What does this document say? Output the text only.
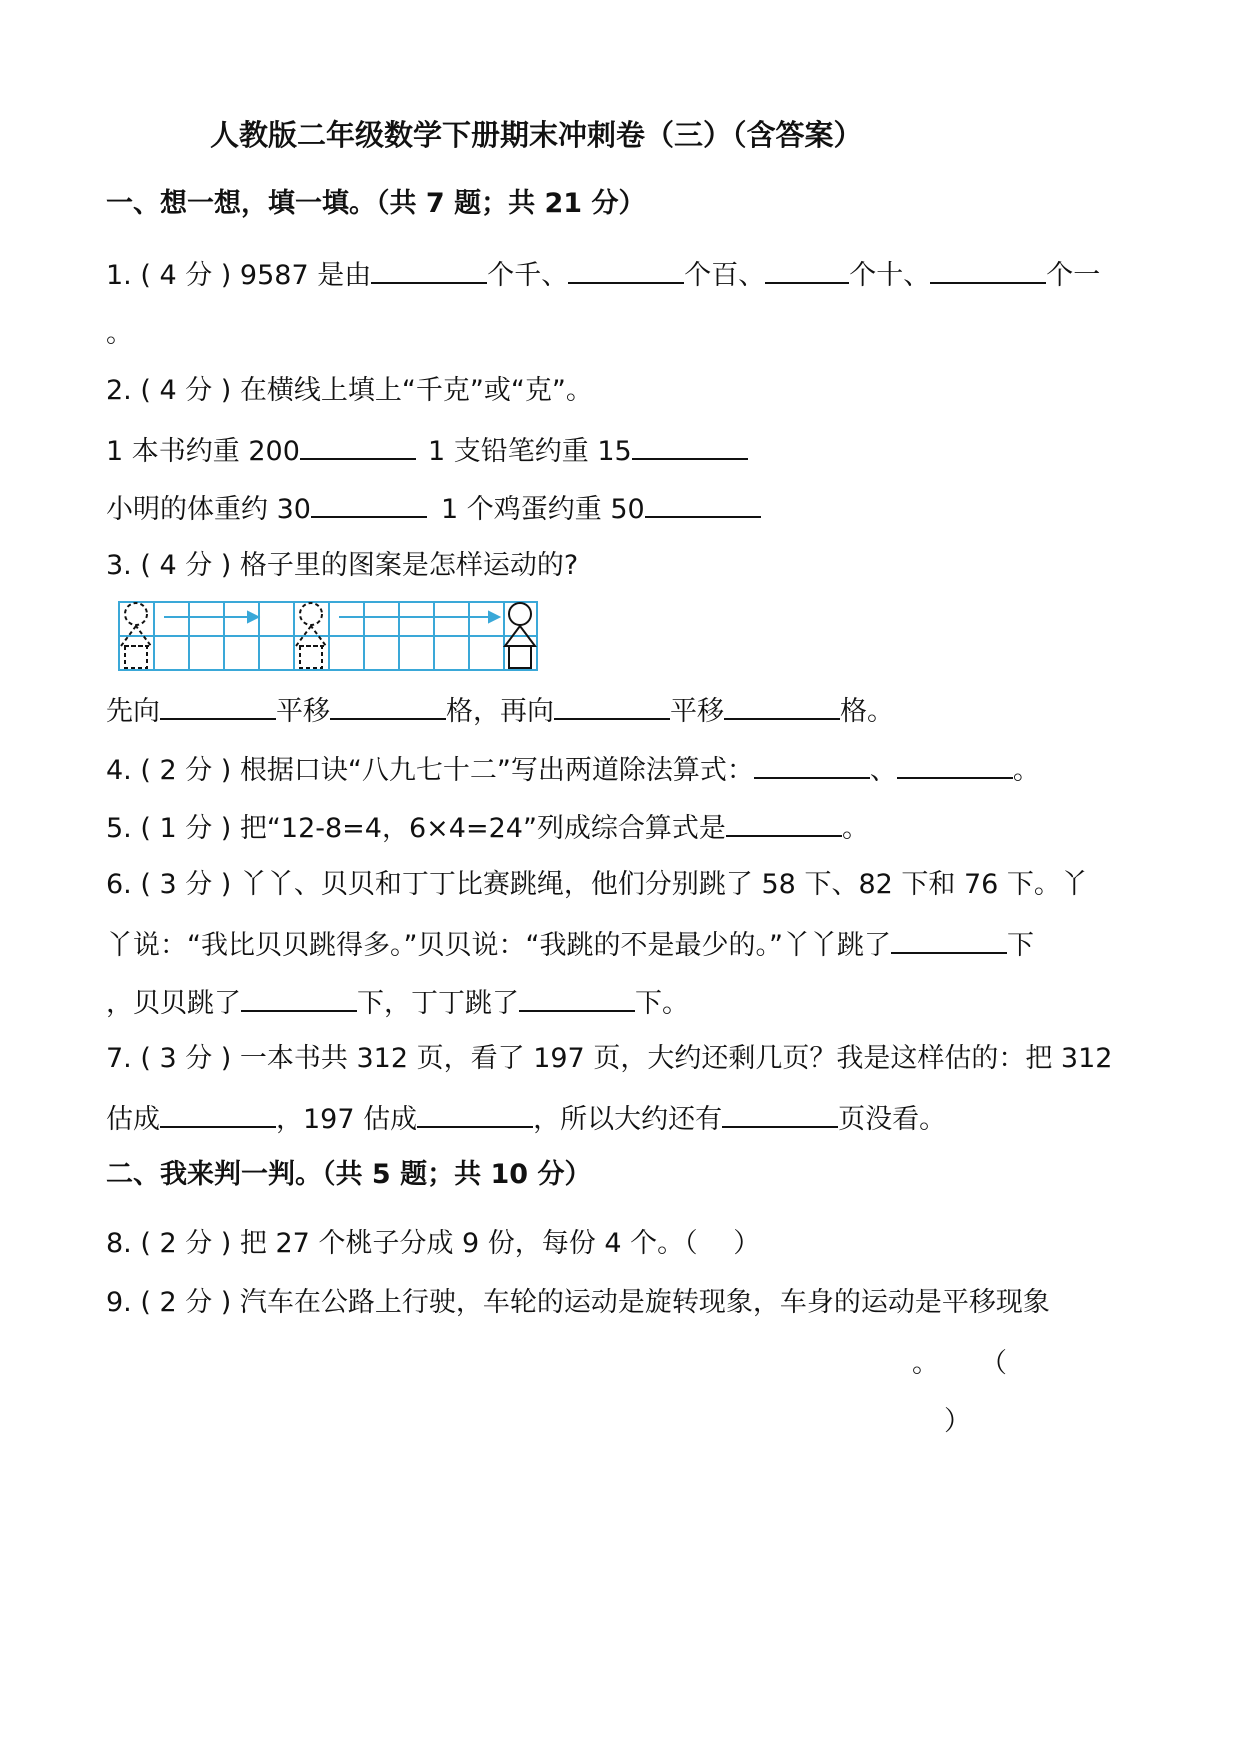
人教版二年级数学下册期末冲刺卷（三）（含答案）
一、想一想，填一填。（共 7 题；共 21 分）
1. ( 4 分 ) 9587 是由	个千、	个百、	个十、	个一
。
2. ( 4 分 ) 在横线上填上“千克”或“克”。
1 本书约重 200	1 支铅笔约重 15
小明的体重约 30	1 个鸡蛋约重 50
3. ( 4 分 ) 格子里的图案是怎样运动的?
先向	平移	格，再向	平移	格。
4. ( 2 分 ) 根据口诀“八九七十二”写出两道除法算式：	、	。
5. ( 1 分 ) 把“12-8=4，6×4=24”列成综合算式是	。
6. ( 3 分 ) 丫丫、贝贝和丁丁比赛跳绳，他们分别跳了 58 下、82 下和 76 下。丫
丫说：“我比贝贝跳得多。”贝贝说：“我跳的不是最少的。”丫丫跳了	下
，贝贝跳了	下，丁丁跳了	下。
7. ( 3 分 ) 一本书共 312 页，看了 197 页，大约还剩几页？我是这样估的：把 312
估成	，197 估成	，所以大约还有	页没看。
二、我来判一判。（共 5 题；共 10 分）
8. ( 2 分 ) 把 27 个桃子分成 9 份，每份 4 个。（　 ）
9. ( 2 分 ) 汽车在公路上行驶，车轮的运动是旋转现象，车身的运动是平移现象
。 （
）
